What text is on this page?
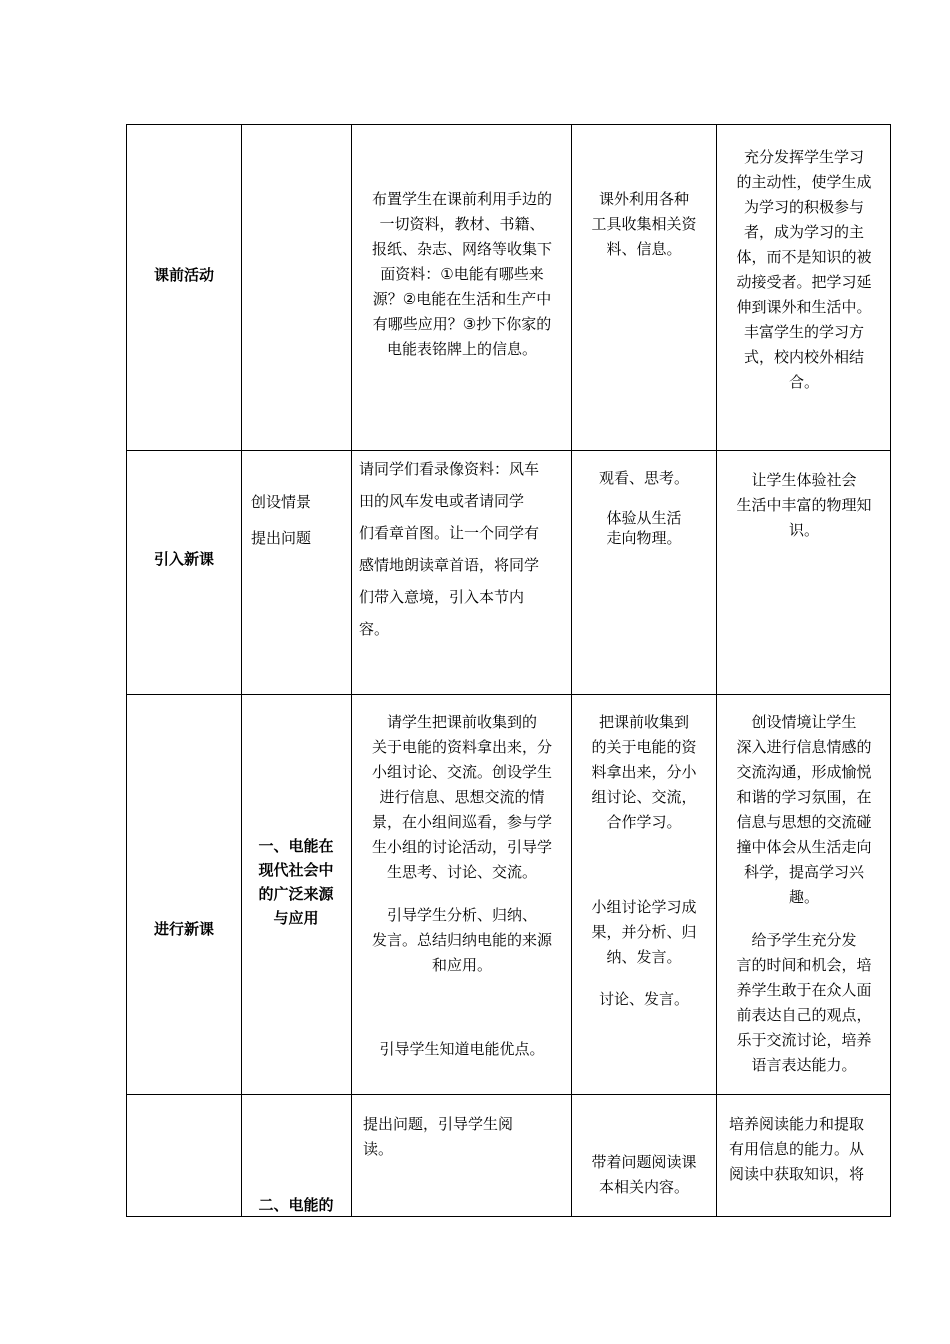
课前活动
布置学生在课前利用手边的
一切资料，教材、书籍、
报纸、杂志、网络等收集下
面资料：①电能有哪些来
源？②电能在生活和生产中
有哪些应用？③抄下你家的
电能表铭牌上的信息。
课外利用各种
工具收集相关资
料、信息。
充分发挥学生学习
的主动性，使学生成
为学习的积极参与
者，成为学习的主
体，而不是知识的被
动接受者。把学习延
伸到课外和生活中。
丰富学生的学习方
式，校内校外相结
合。
引入新课
创设情景

提出问题
请同学们看录像资料：风车
田的风车发电或者请同学
们看章首图。让一个同学有
感情地朗读章首语，将同学
们带入意境，引入本节内
容。
观看、思考。

体验从生活
走向物理。
让学生体验社会
生活中丰富的物理知
识。
进行新课
一、电能在
现代社会中
的广泛来源
与应用
请学生把课前收集到的
关于电能的资料拿出来，分
小组讨论、交流。创设学生
进行信息、思想交流的情
景，在小组间巡看，参与学
生小组的讨论活动，引导学
生思考、讨论、交流。
引导学生分析、归纳、
发言。总结归纳电能的来源
和应用。
引导学生知道电能优点。
把课前收集到
的关于电能的资
料拿出来，分小
组讨论、交流，
合作学习。
小组讨论学习成
果，并分析、归
纳、发言。
讨论、发言。
创设情境让学生
深入进行信息情感的
交流沟通，形成愉悦
和谐的学习氛围，在
信息与思想的交流碰
撞中体会从生活走向
科学，提高学习兴
趣。
给予学生充分发
言的时间和机会，培
养学生敢于在众人面
前表达自己的观点，
乐于交流讨论，培养
语言表达能力。
二、电能的
提出问题，引导学生阅
读。
带着问题阅读课
本相关内容。
培养阅读能力和提取
有用信息的能力。从
阅读中获取知识，将
